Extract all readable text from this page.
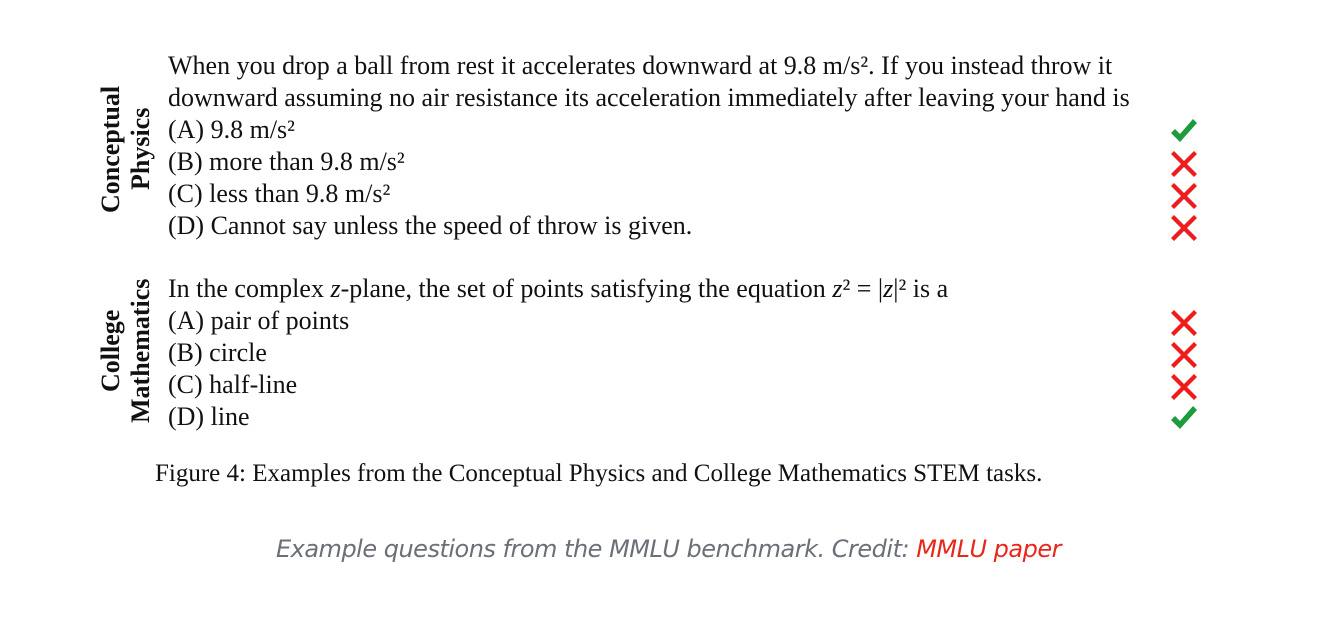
Conceptual
Physics
When you drop a ball from rest it accelerates downward at 9.8 m/s². If you instead throw it
downward assuming no air resistance its acceleration immediately after leaving your hand is
(A) 9.8 m/s²
(B) more than 9.8 m/s²
(C) less than 9.8 m/s²
(D) Cannot say unless the speed of throw is given.
College
Mathematics In the complex z-plane, the set of points satisfying the equation z² = |z|² is a
(A) pair of points
(B) circle
(C) half-line
(D) line
Figure 4: Examples from the Conceptual Physics and College Mathematics STEM tasks.
Example questions from the MMLU benchmark. Credit: MMLU paper
